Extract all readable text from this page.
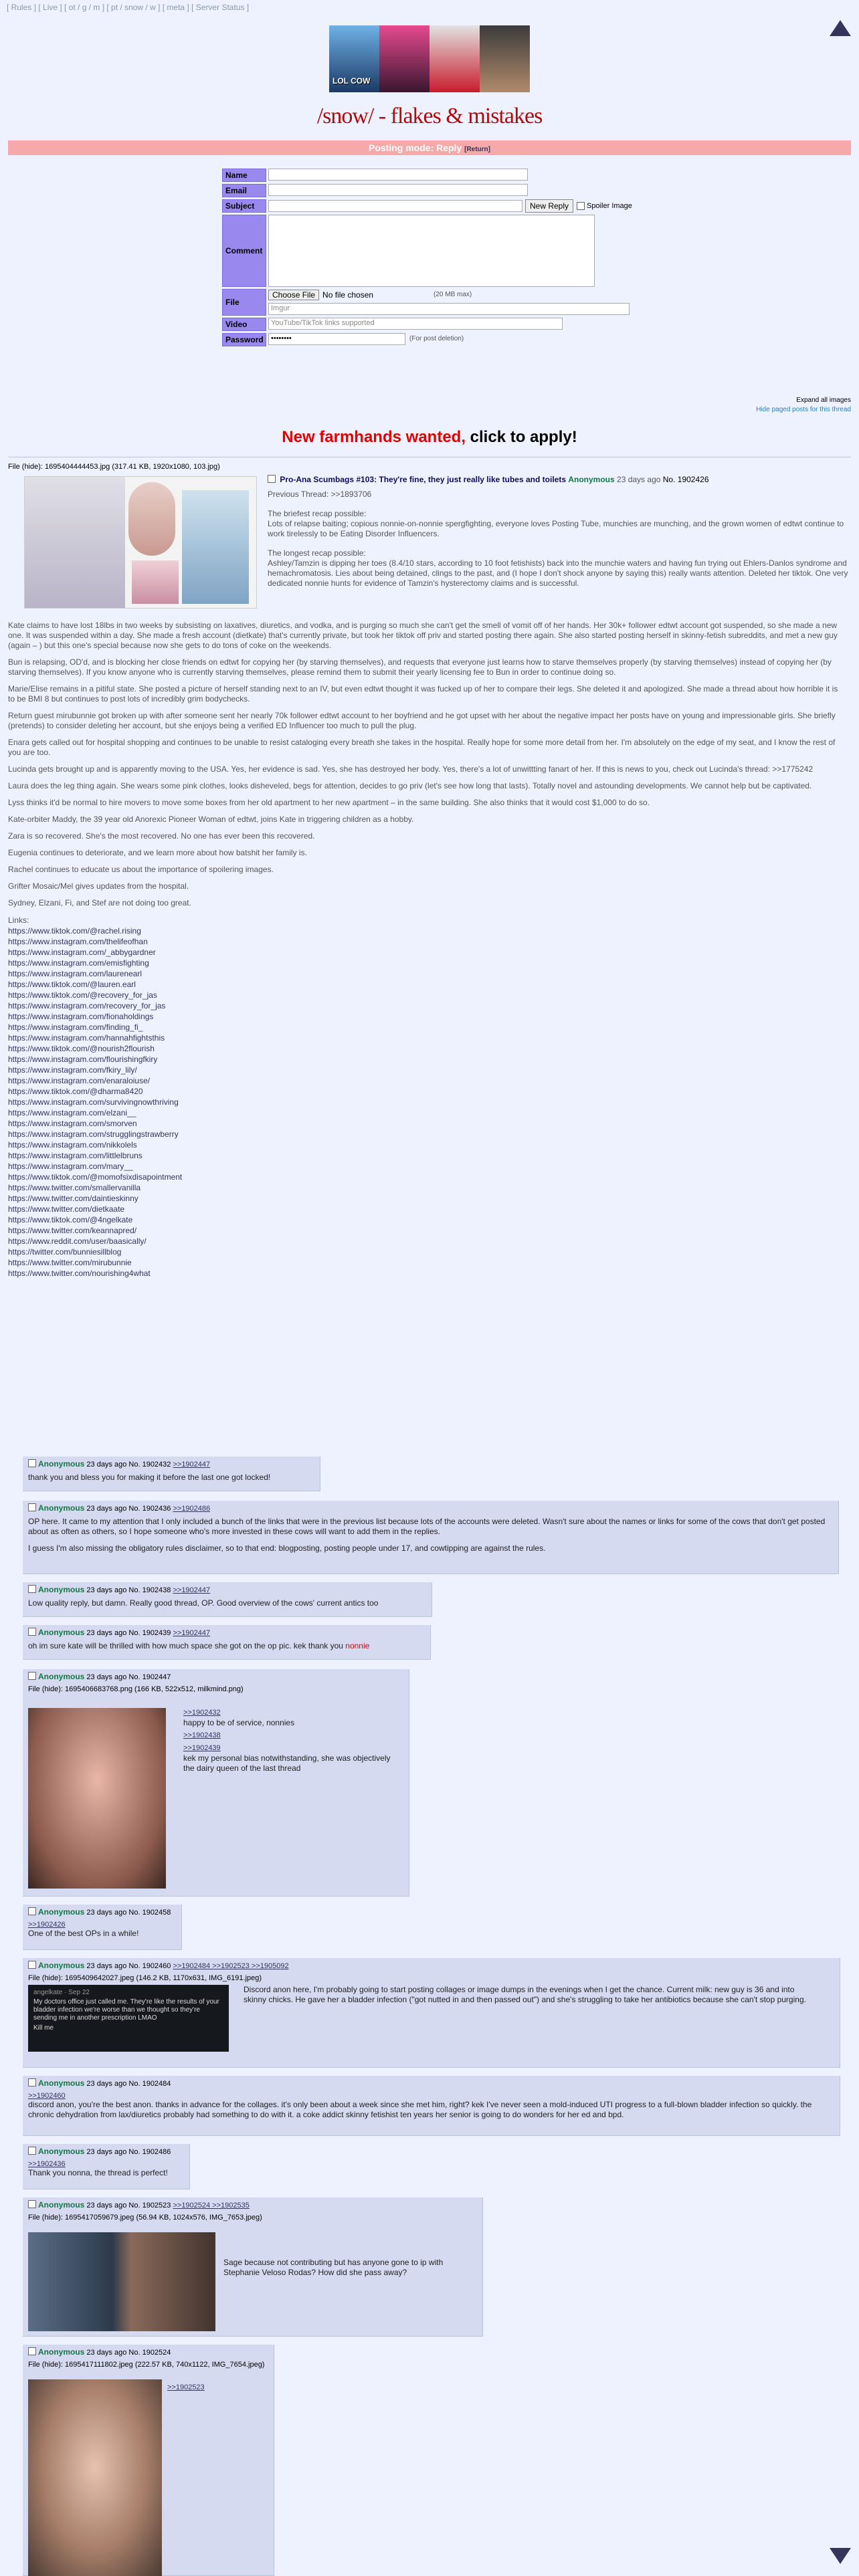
[ Rules ] [ Live ] [ ot / g / m ] [ pt / snow / w ] [ meta ] [ Server Status ]
LOL COW
/snow/ - flakes & mistakes
Posting mode: Reply [Return]
Name
Email
Subject	New Reply	Spoiler Image
Comment
File
Choose File No file chosen	(20 MB max)
Imgur
Video	YouTube/TikTok links supported
Password	••••••••	(For post deletion)
Expand all images
Hide paged posts for this thread
New farmhands wanted, click to apply!
File (hide): 1695404444453.jpg (317.41 KB, 1920x1080, 103.jpg)
Pro-Ana Scumbags #103: They're fine, they just really like tubes and toilets Anonymous 23 days ago No. 1902426

Previous Thread: >>1893706

The briefest recap possible:

Lots of relapse baiting; copious nonnie-on-nonnie spergfighting, everyone loves Posting Tube, munchies are munching, and the grown women of edtwt continue to work tirelessly to be Eating Disorder Influencers.

The longest recap possible:

Ashley/Tamzin is dipping her toes (8.4/10 stars, according to 10 foot fetishists) back into the munchie waters and having fun trying out Ehlers-Danlos syndrome and hemachromatosis. Lies about being detained, clings to the past, and (I hope I don't shock anyone by saying this) really wants attention. Deleted her tiktok. One very dedicated nonnie hunts for evidence of Tamzin's hysterectomy claims and is successful.

Kate claims to have lost 18lbs in two weeks by subsisting on laxatives, diuretics, and vodka, and is purging so much she can't get the smell of vomit off of her hands. Her 30k+ follower edtwt account got suspended, so she made a new one. It was suspended within a day. She made a fresh account (dietkate) that's currently private, but took her tiktok off priv and started posting there again. She also started posting herself in skinny-fetish subreddits, and met a new guy (again – ) but this one's special because now she gets to do tons of coke on the weekends.

Bun is relapsing, OD'd, and is blocking her close friends on edtwt for copying her (by starving themselves), and requests that everyone just learns how to starve themselves properly (by starving themselves) instead of copying her (by starving themselves). If you know anyone who is currently starving themselves, please remind them to submit their yearly licensing fee to Bun in order to continue doing so.

Marie/Elise remains in a pitiful state. She posted a picture of herself standing next to an IV, but even edtwt thought it was fucked up of her to compare their legs. She deleted it and apologized. She made a thread about how horrible it is to be BMI 8 but continues to post lots of incredibly grim bodychecks.

Return guest mirubunnie got broken up with after someone sent her nearly 70k follower edtwt account to her boyfriend and he got upset with her about the negative impact her posts have on young and impressionable girls. She briefly (pretends) to consider deleting her account, but she enjoys being a verified ED Influencer too much to pull the plug.

Enara gets called out for hospital shopping and continues to be unable to resist cataloging every breath she takes in the hospital. Really hope for some more detail from her. I'm absolutely on the edge of my seat, and I know the rest of you are too.

Lucinda gets brought up and is apparently moving to the USA. Yes, her evidence is sad. Yes, she has destroyed her body. Yes, there's a lot of unwittting fanart of her. If this is news to you, check out Lucinda's thread: >>1775242

Laura does the leg thing again. She wears some pink clothes, looks disheveled, begs for attention, decides to go priv (let's see how long that lasts). Totally novel and astounding developments. We cannot help but be captivated.

Lyss thinks it'd be normal to hire movers to move some boxes from her old apartment to her new apartment – in the same building. She also thinks that it would cost $1,000 to do so.

Kate-orbiter Maddy, the 39 year old Anorexic Pioneer Woman of edtwt, joins Kate in triggering children as a hobby.

Zara is so recovered. She's the most recovered. No one has ever been this recovered.

Eugenia continues to deteriorate, and we learn more about how batshit her family is.

Rachel continues to educate us about the importance of spoilering images.

Grifter Mosaic/Mel gives updates from the hospital.

Sydney, Elzani, Fi, and Stef are not doing too great.

Links:
https://www.tiktok.com/@rachel.rising
https://www.instagram.com/thelifeofhan
https://www.instagram.com/_abbygardner
https://www.instagram.com/emisfighting
https://www.instagram.com/laurenearl
https://www.tiktok.com/@lauren.earl
https://www.tiktok.com/@recovery_for_jas
https://www.instagram.com/recovery_for_jas
https://www.instagram.com/fionaholdings
https://www.instagram.com/finding_fi_
https://www.instagram.com/hannahfightsthis
https://www.tiktok.com/@nourish2flourish
https://www.instagram.com/flourishingfkiry
https://www.instagram.com/fkiry_lily/
https://www.instagram.com/enaraloiuse/
https://www.tiktok.com/@dharma8420
https://www.instagram.com/survivingnowthriving
https://www.instagram.com/elzani__
https://www.instagram.com/smorven
https://www.instagram.com/strugglingstrawberry
https://www.instagram.com/nikkolels
https://www.instagram.com/littlelbruns
https://www.instagram.com/mary__
https://www.tiktok.com/@momofsixdisapointment
https://www.twitter.com/smallervanilla
https://www.twitter.com/daintieskinny
https://www.twitter.com/dietkaate
https://www.tiktok.com/@4ngelkate
https://www.twitter.com/keannapred/
https://www.reddit.com/user/baasically/
https://twitter.com/bunniesillblog
https://www.twitter.com/mirubunnie
https://www.twitter.com/nourishing4what
Anonymous 23 days ago No. 1902432 >>1902447
thank you and bless you for making it before the last one got locked!
Anonymous 23 days ago No. 1902436 >>1902486
OP here. It came to my attention that I only included a bunch of the links that were in the previous list because lots of the accounts were deleted. Wasn't sure about the names or links for some of the cows that don't get posted about as often as others, so I hope someone who's more invested in these cows will want to add them in the replies.
I guess I'm also missing the obligatory rules disclaimer, so to that end: blogposting, posting people under 17, and cowtipping are against the rules.
Anonymous 23 days ago No. 1902438 >>1902447
Low quality reply, but damn. Really good thread, OP. Good overview of the cows' current antics too
Anonymous 23 days ago No. 1902439 >>1902447
oh im sure kate will be thrilled with how much space she got on the op pic. kek thank you nonnie
Anonymous 23 days ago No. 1902447
File (hide): 1695406683768.png (166 KB, 522x512, milkmind.png)
>>1902432
happy to be of service, nonnies
>>1902438
>>1902439
kek my personal bias notwithstanding, she was objectively the dairy queen of the last thread
Anonymous 23 days ago No. 1902458
>>1902426
One of the best OPs in a while!
Anonymous 23 days ago No. 1902460 >>1902484 >>1902523 >>1905092
File (hide): 1695409642027.jpeg (146.2 KB, 1170x631, IMG_6191.jpeg)
angelkate · Sep 22
My doctors office just called me. They're like the results of your bladder infection we're worse than we thought so they're sending me in another prescription LMAO
Kill me
Discord anon here, I'm probably going to start posting collages or image dumps in the evenings when I get the chance. Current milk: new guy is 36 and into skinny chicks. He gave her a bladder infection ("got nutted in and then passed out") and she's struggling to take her antibiotics because she can't stop purging.
Anonymous 23 days ago No. 1902484
>>1902460
discord anon, you're the best anon. thanks in advance for the collages. it's only been about a week since she met him, right? kek I've never seen a mold-induced UTI progress to a full-blown bladder infection so quickly. the chronic dehydration from lax/diuretics probably had something to do with it. a coke addict skinny fetishist ten years her senior is going to do wonders for her ed and bpd.
Anonymous 23 days ago No. 1902486
>>1902436
Thank you nonna, the thread is perfect!
Anonymous 23 days ago No. 1902523 >>1902524 >>1902535
File (hide): 1695417059679.jpeg (56.94 KB, 1024x576, IMG_7653.jpeg)
Sage because not contributing but has anyone gone to ip with Stephanie Veloso Rodas? How did she pass away?
Anonymous 23 days ago No. 1902524
File (hide): 1695417111802.jpeg (222.57 KB, 740x1122, IMG_7654.jpeg)
>>1902523
